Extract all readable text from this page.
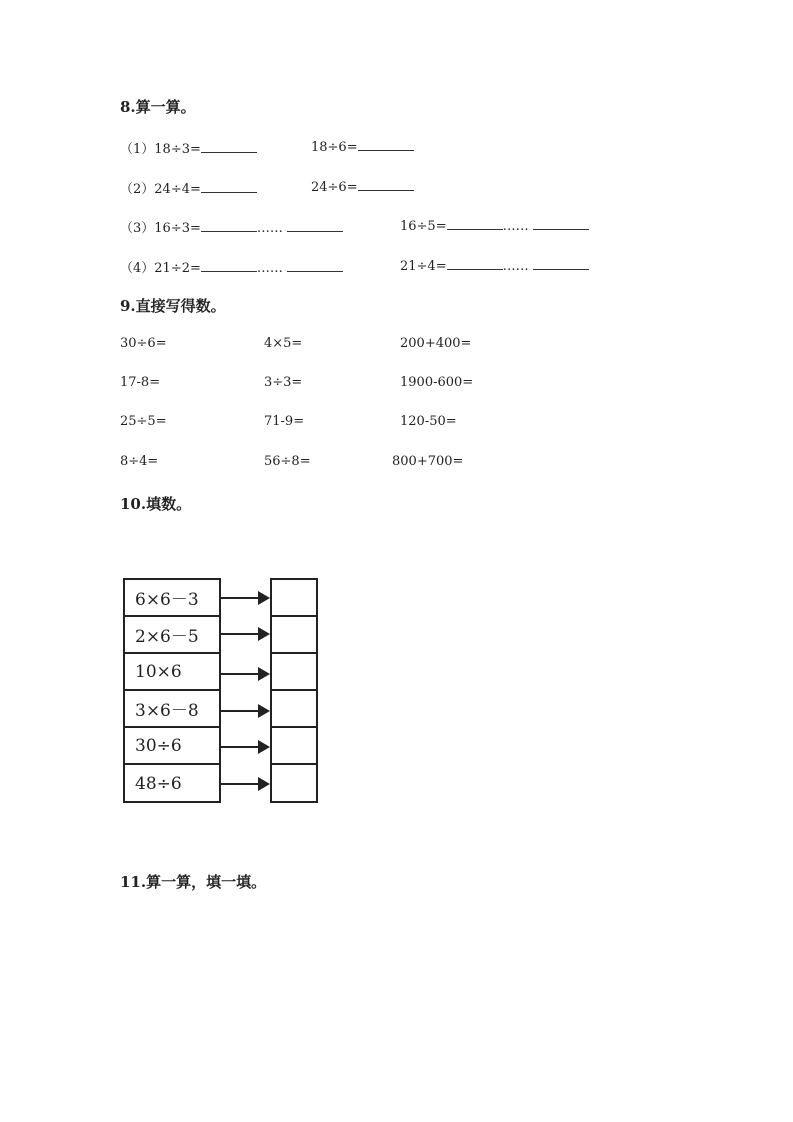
8.算一算。
（1）18÷3=	18÷6=
（2）24÷4=	24÷6=
（3）16÷3=	……	16÷5=	……
（4）21÷2=	……	21÷4=	……
9.直接写得数。
30÷6=	4×5=	200+400=
17-8=	3÷3=	1900-600=
25÷5=	71-9=	120-50=
8÷4=	56÷8=	800+700=
10.填数。
6×6－3
2×6－5
10×6
3×6－8
30÷6
48÷6
11.算一算，填一填。
